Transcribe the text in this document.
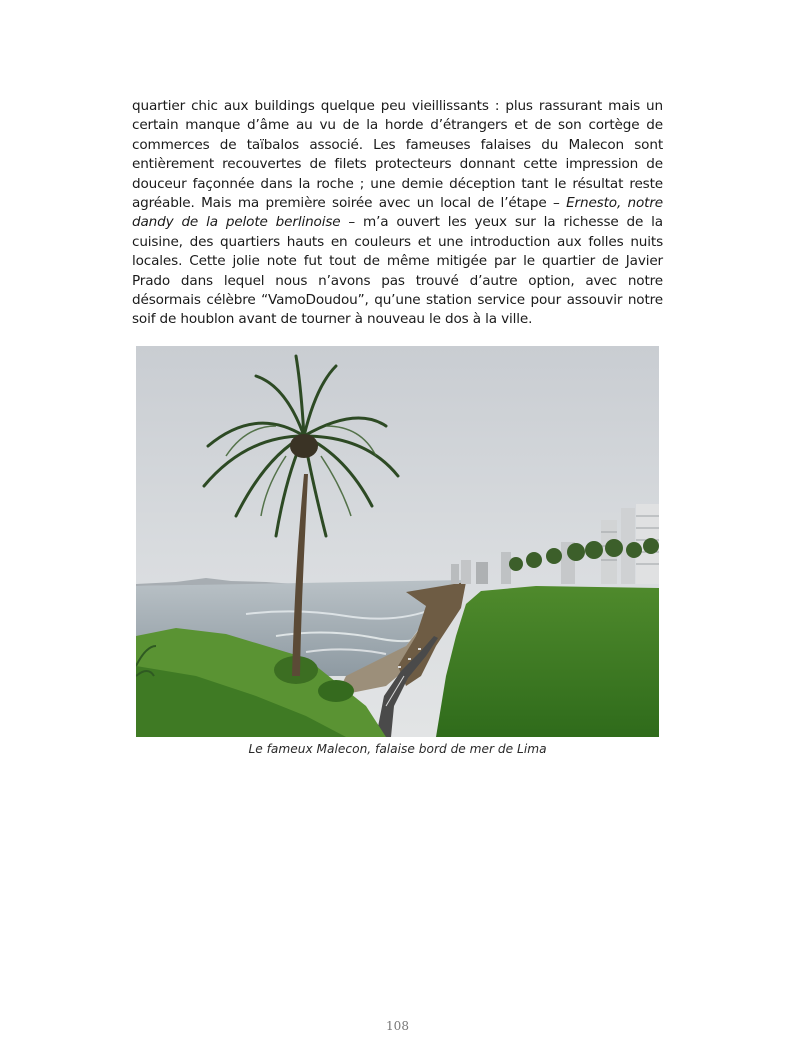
quartier chic aux buildings quelque peu vieillissants : plus rassurant mais un certain manque d’âme au vu de la horde d’étrangers et de son cortège de commerces de taïbalos associé. Les fameuses falaises du Malecon sont entièrement recouvertes de filets protecteurs donnant cette impression de douceur façonnée dans la roche ; une demie déception tant le résultat reste agréable. Mais ma première soirée avec un local de l’étape – Ernesto, notre dandy de la pelote berlinoise – m’a ouvert les yeux sur la richesse de la cuisine, des quartiers hauts en couleurs et une introduction aux folles nuits locales. Cette jolie note fut tout de même mitigée par le quartier de Javier Prado dans lequel nous n’avons pas trouvé d’autre option, avec notre désormais célèbre “VamoDoudou”, qu’une station service pour assouvir notre soif de houblon avant de tourner à nouveau le dos à la ville.
Le fameux Malecon, falaise bord de mer de Lima
108
